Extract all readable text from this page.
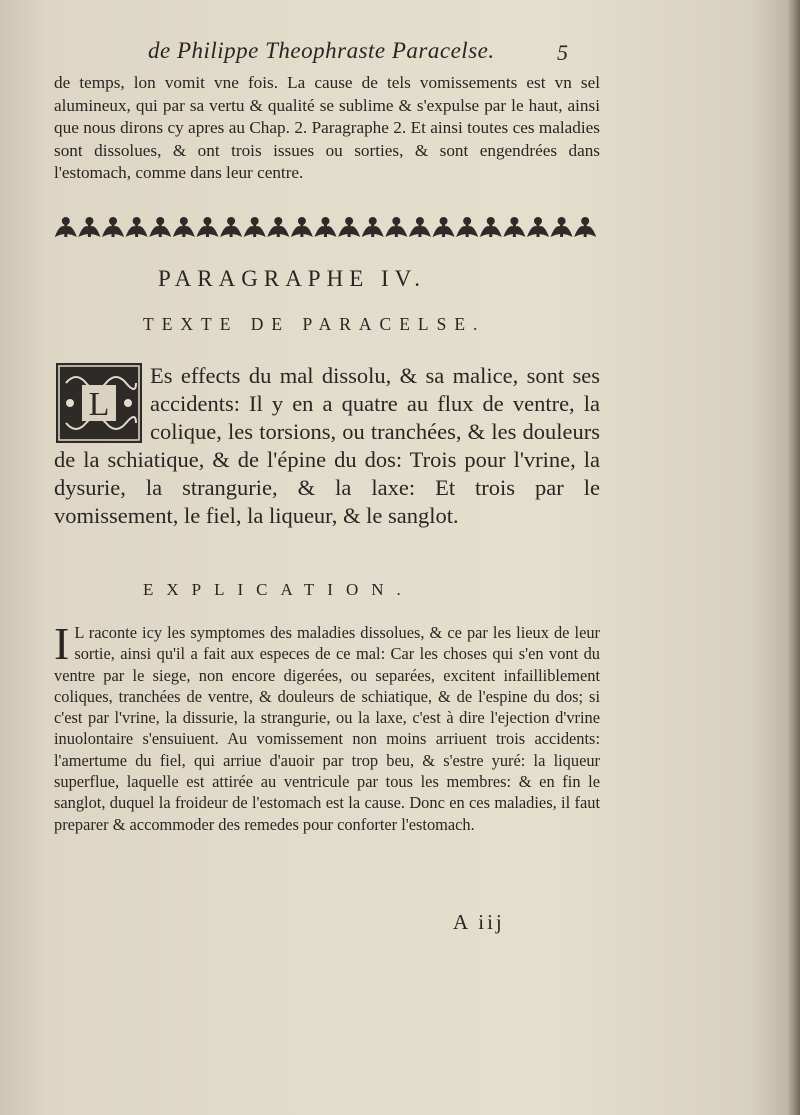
de Philippe Theophraste Paracelse.	5
de temps, lon vomit vne fois. La cause de tels vomissements est vn sel alumineux, qui par sa vertu & qualité se sublime & s'expulse par le haut, ainsi que nous dirons cy apres au Chap. 2. Paragraphe 2. Et ainsi toutes ces maladies sont dissolues, & ont trois issues ou sorties, & sont engendrées dans l'estomach, comme dans leur centre.
PARAGRAPHE IV.
TEXTE DE PARACELSE.
L
Es effects du mal dissolu, & sa malice, sont ses accidents: Il y en a quatre au flux de ventre, la colique, les torsions, ou tranchées, & les douleurs de la schiatique, & de l'épine du dos: Trois pour l'vrine, la dysurie, la strangurie, & la laxe: Et trois par le vomissement, le fiel, la liqueur, & le sanglot.
EXPLICATION.
I L raconte icy les symptomes des maladies dissolues, & ce par les lieux de leur sortie, ainsi qu'il a fait aux especes de ce mal: Car les choses qui s'en vont du ventre par le siege, non encore digerées, ou separées, excitent infailliblement coliques, tranchées de ventre, & douleurs de schiatique, & de l'espine du dos; si c'est par l'vrine, la dissurie, la strangurie, ou la laxe, c'est à dire l'ejection d'vrine inuolontaire s'ensuiuent. Au vomissement non moins arriuent trois accidents: l'amertume du fiel, qui arriue d'auoir par trop beu, & s'estre yuré: la liqueur superflue, laquelle est attirée au ventricule par tous les membres: & en fin le sanglot, duquel la froideur de l'estomach est la cause. Donc en ces maladies, il faut preparer & accommoder des remedes pour conforter l'estomach.
A iij
